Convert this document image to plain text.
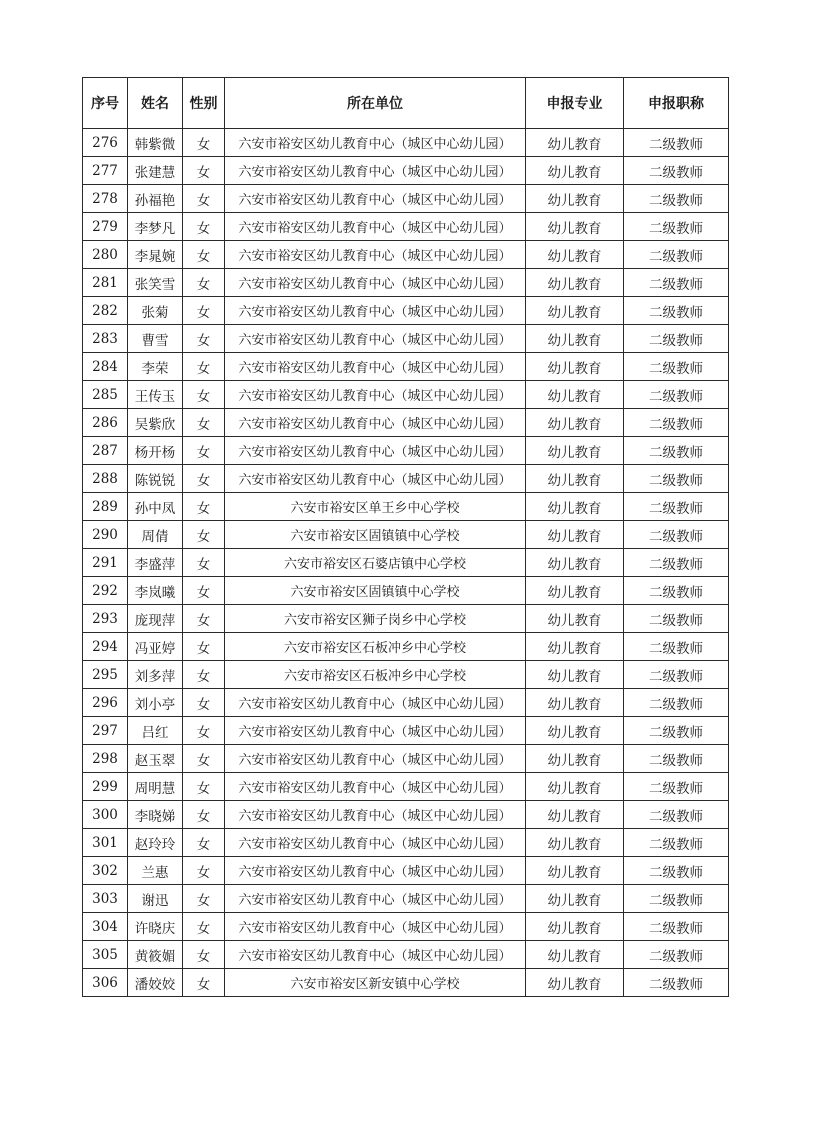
序号	姓名	性别	所在单位	申报专业	申报职称
276	韩紫微	女	六安市裕安区幼儿教育中心（城区中心幼儿园）	幼儿教育	二级教师
277	张建慧	女	六安市裕安区幼儿教育中心（城区中心幼儿园）	幼儿教育	二级教师
278	孙福艳	女	六安市裕安区幼儿教育中心（城区中心幼儿园）	幼儿教育	二级教师
279	李梦凡	女	六安市裕安区幼儿教育中心（城区中心幼儿园）	幼儿教育	二级教师
280	李晁婉	女	六安市裕安区幼儿教育中心（城区中心幼儿园）	幼儿教育	二级教师
281	张笑雪	女	六安市裕安区幼儿教育中心（城区中心幼儿园）	幼儿教育	二级教师
282	张菊	女	六安市裕安区幼儿教育中心（城区中心幼儿园）	幼儿教育	二级教师
283	曹雪	女	六安市裕安区幼儿教育中心（城区中心幼儿园）	幼儿教育	二级教师
284	李荣	女	六安市裕安区幼儿教育中心（城区中心幼儿园）	幼儿教育	二级教师
285	王传玉	女	六安市裕安区幼儿教育中心（城区中心幼儿园）	幼儿教育	二级教师
286	吴紫欣	女	六安市裕安区幼儿教育中心（城区中心幼儿园）	幼儿教育	二级教师
287	杨开杨	女	六安市裕安区幼儿教育中心（城区中心幼儿园）	幼儿教育	二级教师
288	陈锐锐	女	六安市裕安区幼儿教育中心（城区中心幼儿园）	幼儿教育	二级教师
289	孙中凤	女	六安市裕安区单王乡中心学校	幼儿教育	二级教师
290	周倩	女	六安市裕安区固镇镇中心学校	幼儿教育	二级教师
291	李盛萍	女	六安市裕安区石婆店镇中心学校	幼儿教育	二级教师
292	李岚曦	女	六安市裕安区固镇镇中心学校	幼儿教育	二级教师
293	庞现萍	女	六安市裕安区狮子岗乡中心学校	幼儿教育	二级教师
294	冯亚婷	女	六安市裕安区石板冲乡中心学校	幼儿教育	二级教师
295	刘多萍	女	六安市裕安区石板冲乡中心学校	幼儿教育	二级教师
296	刘小亭	女	六安市裕安区幼儿教育中心（城区中心幼儿园）	幼儿教育	二级教师
297	吕红	女	六安市裕安区幼儿教育中心（城区中心幼儿园）	幼儿教育	二级教师
298	赵玉翠	女	六安市裕安区幼儿教育中心（城区中心幼儿园）	幼儿教育	二级教师
299	周明慧	女	六安市裕安区幼儿教育中心（城区中心幼儿园）	幼儿教育	二级教师
300	李晓娣	女	六安市裕安区幼儿教育中心（城区中心幼儿园）	幼儿教育	二级教师
301	赵玲玲	女	六安市裕安区幼儿教育中心（城区中心幼儿园）	幼儿教育	二级教师
302	兰惠	女	六安市裕安区幼儿教育中心（城区中心幼儿园）	幼儿教育	二级教师
303	谢迅	女	六安市裕安区幼儿教育中心（城区中心幼儿园）	幼儿教育	二级教师
304	许晓庆	女	六安市裕安区幼儿教育中心（城区中心幼儿园）	幼儿教育	二级教师
305	黄筱媚	女	六安市裕安区幼儿教育中心（城区中心幼儿园）	幼儿教育	二级教师
306	潘姣姣	女	六安市裕安区新安镇中心学校	幼儿教育	二级教师
